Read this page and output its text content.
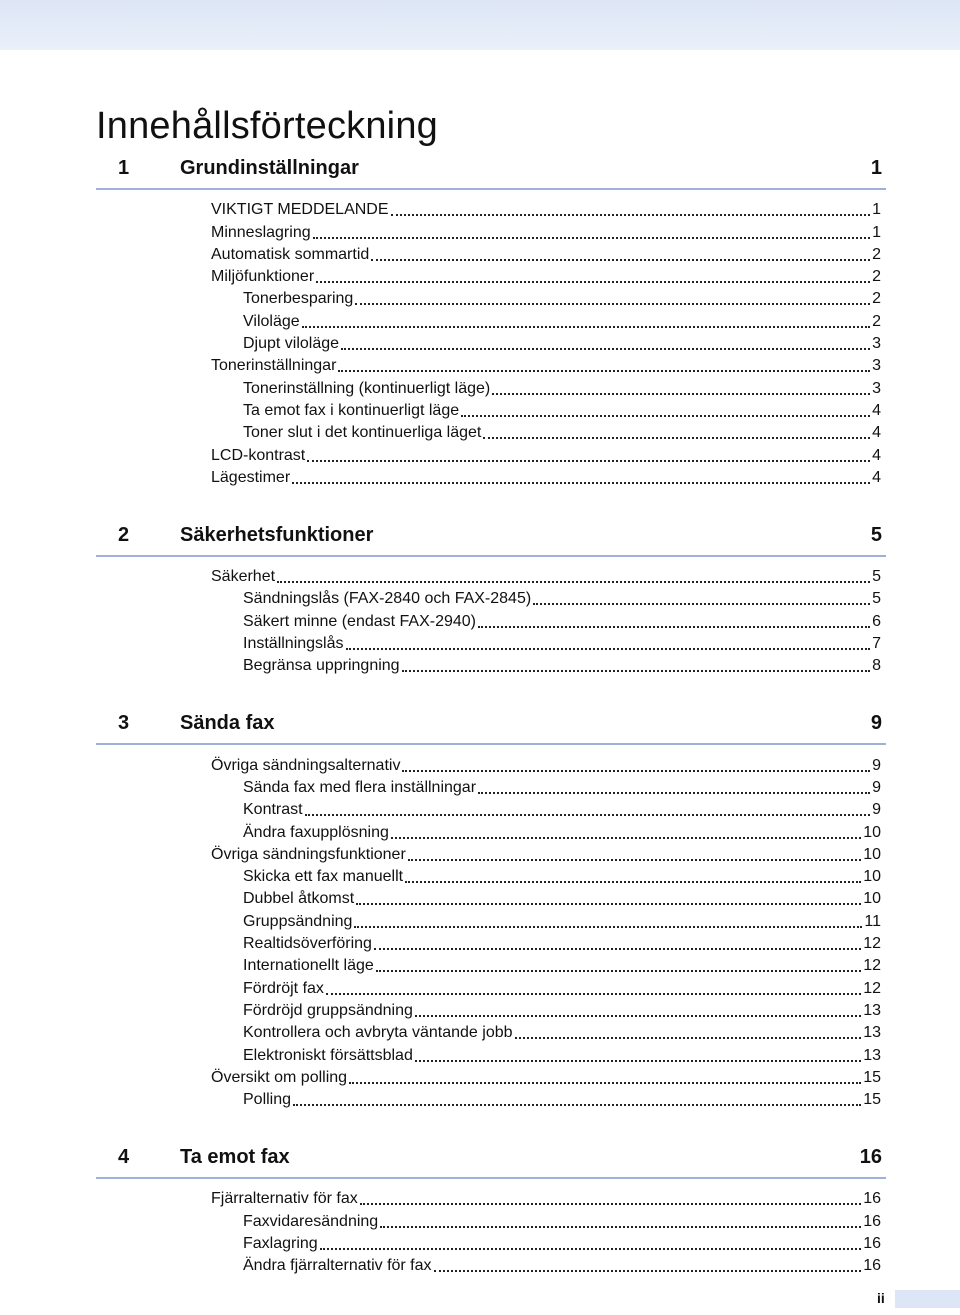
Innehållsförteckning
1	Grundinställningar	1
VIKTIGT MEDDELANDE	1
Minneslagring	1
Automatisk sommartid	2
Miljöfunktioner	2
Tonerbesparing	2
Viloläge	2
Djupt viloläge	3
Tonerinställningar	3
Tonerinställning (kontinuerligt läge)	3
Ta emot fax i kontinuerligt läge	4
Toner slut i det kontinuerliga läget	4
LCD-kontrast	4
Lägestimer	4
2	Säkerhetsfunktioner	5
Säkerhet	5
Sändningslås (FAX-2840 och FAX-2845)	5
Säkert minne (endast FAX-2940)	6
Inställningslås	7
Begränsa uppringning	8
3	Sända fax	9
Övriga sändningsalternativ	9
Sända fax med flera inställningar	9
Kontrast	9
Ändra faxupplösning	10
Övriga sändningsfunktioner	10
Skicka ett fax manuellt	10
Dubbel åtkomst	10
Gruppsändning	11
Realtidsöverföring	12
Internationellt läge	12
Fördröjt fax	12
Fördröjd gruppsändning	13
Kontrollera och avbryta väntande jobb	13
Elektroniskt försättsblad	13
Översikt om polling	15
Polling	15
4	Ta emot fax	16
Fjärralternativ för fax	16
Faxvidaresändning	16
Faxlagring	16
Ändra fjärralternativ för fax	16
ii
